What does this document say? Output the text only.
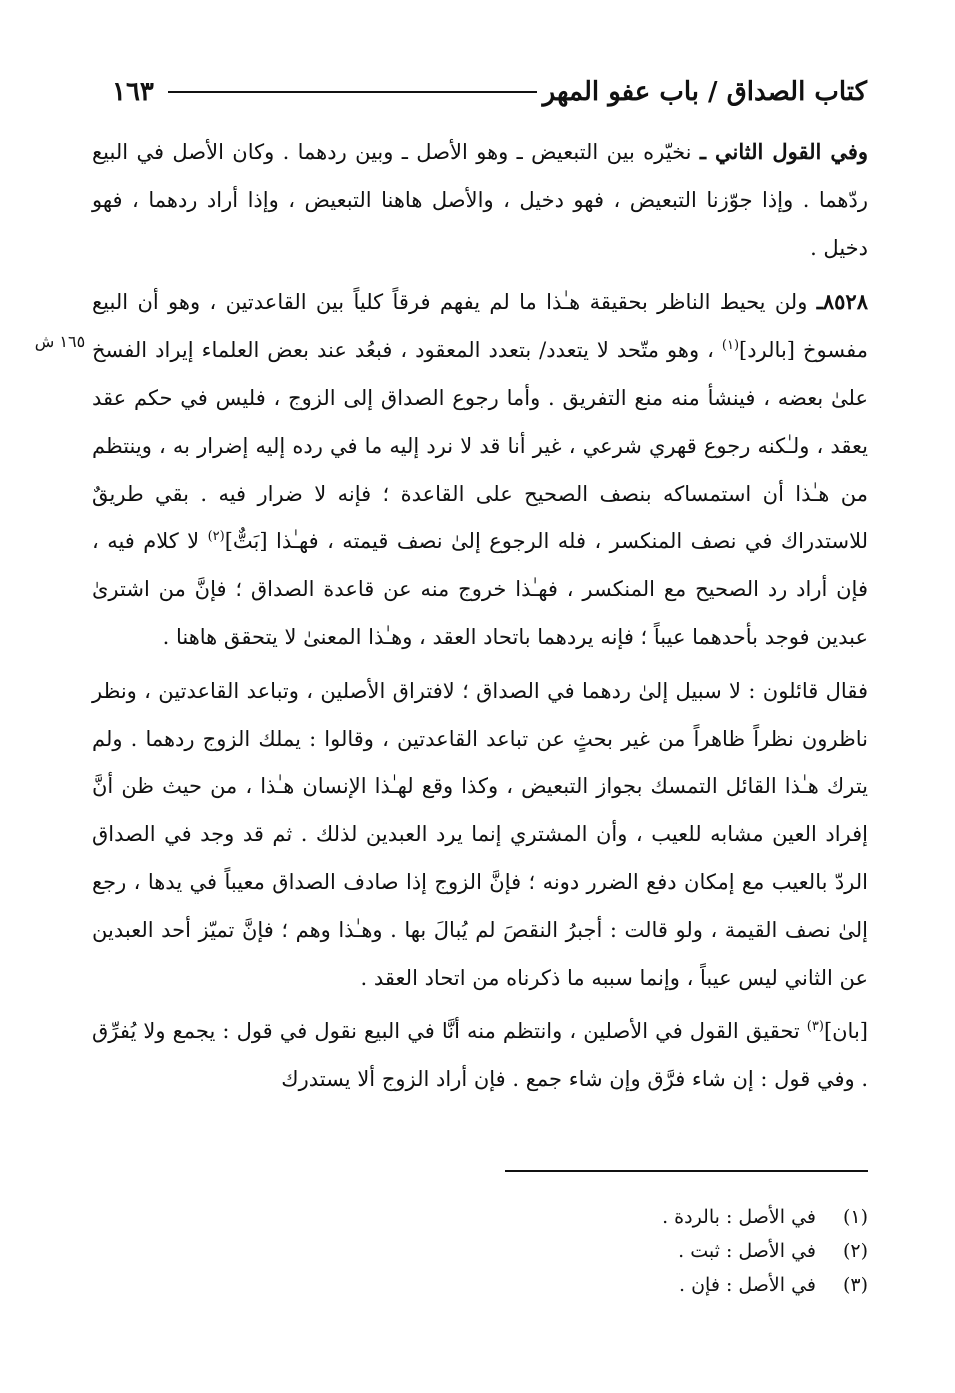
كتاب الصداق / باب عفو المهر
١٦٣
١٦٥ ش

وفي القول الثاني ـ نخيّره بين التبعيض ـ وهو الأصل ـ وبين ردهما . وكان الأصل في البيع ردّهما . وإذا جوّزنا التبعيض ، فهو دخيل ، والأصل هاهنا التبعيض ، وإذا أراد ردهما ، فهو دخيل .

٨٥٢٨ـ ولن يحيط الناظر بحقيقة هـٰذا ما لم يفهم فرقاً كلياً بين القاعدتين ، وهو أن البيع مفسوخ [بالرد]$^{(١)}$ ، وهو متّحد لا يتعدد/ بتعدد المعقود ، فبعُد عند بعض العلماء إيراد الفسخ علىٰ بعضه ، فينشأ منه منع التفريق . وأما رجوع الصداق إلى الزوج ، فليس في حكم عقد يعقد ، ولـٰكنه رجوع قهري شرعي ، غير أنا قد لا نرد إليه ما في رده إليه إضرار به ، وينتظم من هـٰذا أن استمساكه بنصف الصحيح على القاعدة ؛ فإنه لا ضرار فيه . بقي طريقٌ للاستدراك في نصف المنكسر ، فله الرجوع إلىٰ نصف قيمته ، فهـٰذا [بَتٌّ]$^{(٢)}$ لا كلام فيه ، فإن أراد رد الصحيح مع المنكسر ، فهـٰذا خروج منه عن قاعدة الصداق ؛ فإنَّ من اشترىٰ عبدين فوجد بأحدهما عيباً ؛ فإنه يردهما باتحاد العقد ، وهـٰذا المعنىٰ لا يتحقق هاهنا .

فقال قائلون : لا سبيل إلىٰ ردهما في الصداق ؛ لافتراق الأصلين ، وتباعد القاعدتين ، ونظر ناظرون نظراً ظاهراً من غير بحثٍ عن تباعد القاعدتين ، وقالوا : يملك الزوج ردهما . ولم يترك هـٰذا القائل التمسك بجواز التبعيض ، وكذا وقع لهـٰذا الإنسان هـٰذا ، من حيث ظن أنَّ إفراد العين مشابه للعيب ، وأن المشتري إنما يرد العبدين لذلك . ثم قد وجد في الصداق الردّ بالعيب مع إمكان دفع الضرر دونه ؛ فإنَّ الزوج إذا صادف الصداق معيباً في يدها ، رجع إلىٰ نصف القيمة ، ولو قالت : أجبرُ النقصَ لم يُبالَ بها . وهـٰذا وهم ؛ فإنَّ تميّز أحد العبدين عن الثاني ليس عيباً ، وإنما سببه ما ذكرناه من اتحاد العقد .

[بان]$^{(٣)}$ تحقيق القول في الأصلين ، وانتظم منه أنَّا في البيع نقول في قول : يجمع ولا يُفرِّق . وفي قول : إن شاء فرَّق وإن شاء جمع . فإن أراد الزوج ألا يستدرك

(١)
في الأصل : بالردة .
(٢)
في الأصل : ثبت .
(٣)
في الأصل : فإن .
